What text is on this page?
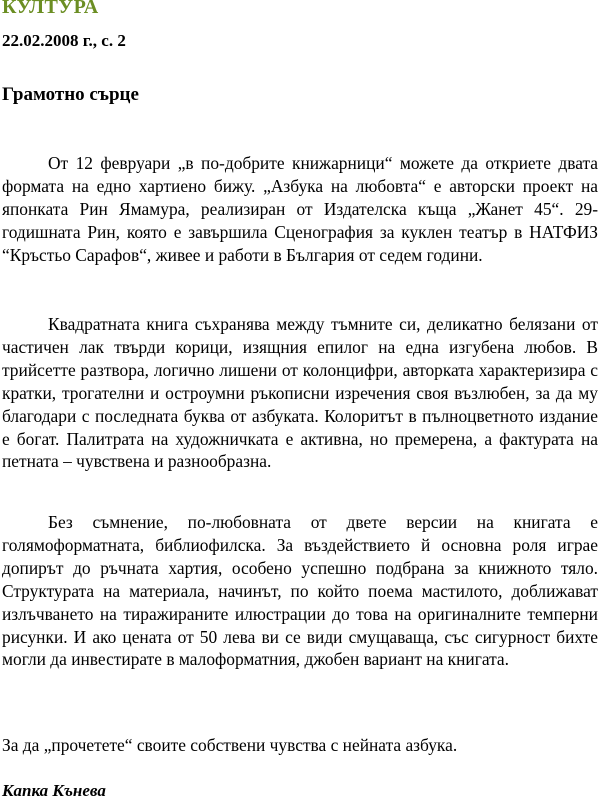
КУЛТУРА

22.02.2008 г., с. 2

Грамотно сърце

От 12 февруари „в по-добрите книжарници“ можете да откриете двата формата на едно хартиено бижу. „Азбука на любовта“ е авторски проект на японката Рин Ямамура, реализиран от Издателска къща „Жанет 45“. 29-годишната Рин, която е завършила Сценография за куклен театър в НАТФИЗ “Кръстьо Сарафов“, живее и работи в България от седем години.

Квадратната книга съхранява между тъмните си, деликатно белязани от частичен лак твърди корици, изящния епилог на една изгубена любов. В трийсетте разтвора, логично лишени от колонцифри, авторката характеризира с кратки, трогателни и остроумни ръкописни изречения своя възлюбен, за да му благодари с последната буква от азбуката. Колоритът в пълноцветното издание е богат. Палитрата на художничката е активна, но премерена, а фактурата на петната – чувствена и разнообразна.

Без съмнение, по-любовната от двете версии на книгата е голямоформатната, библиофилска. За въздействието й основна роля играе допирът до ръчната хартия, особено успешно подбрана за книжното тяло. Структурата на материала, начинът, по който поема мастилото, доближават излъчването на тиражираните илюстрации до това на оригиналните темперни рисунки. И ако цената от 50 лева ви се види смущаваща, със сигурност бихте могли да инвестирате в малоформатния, джобен вариант на книгата.

За да „прочетете“ своите собствени чувства с нейната азбука.

Капка Кънева
